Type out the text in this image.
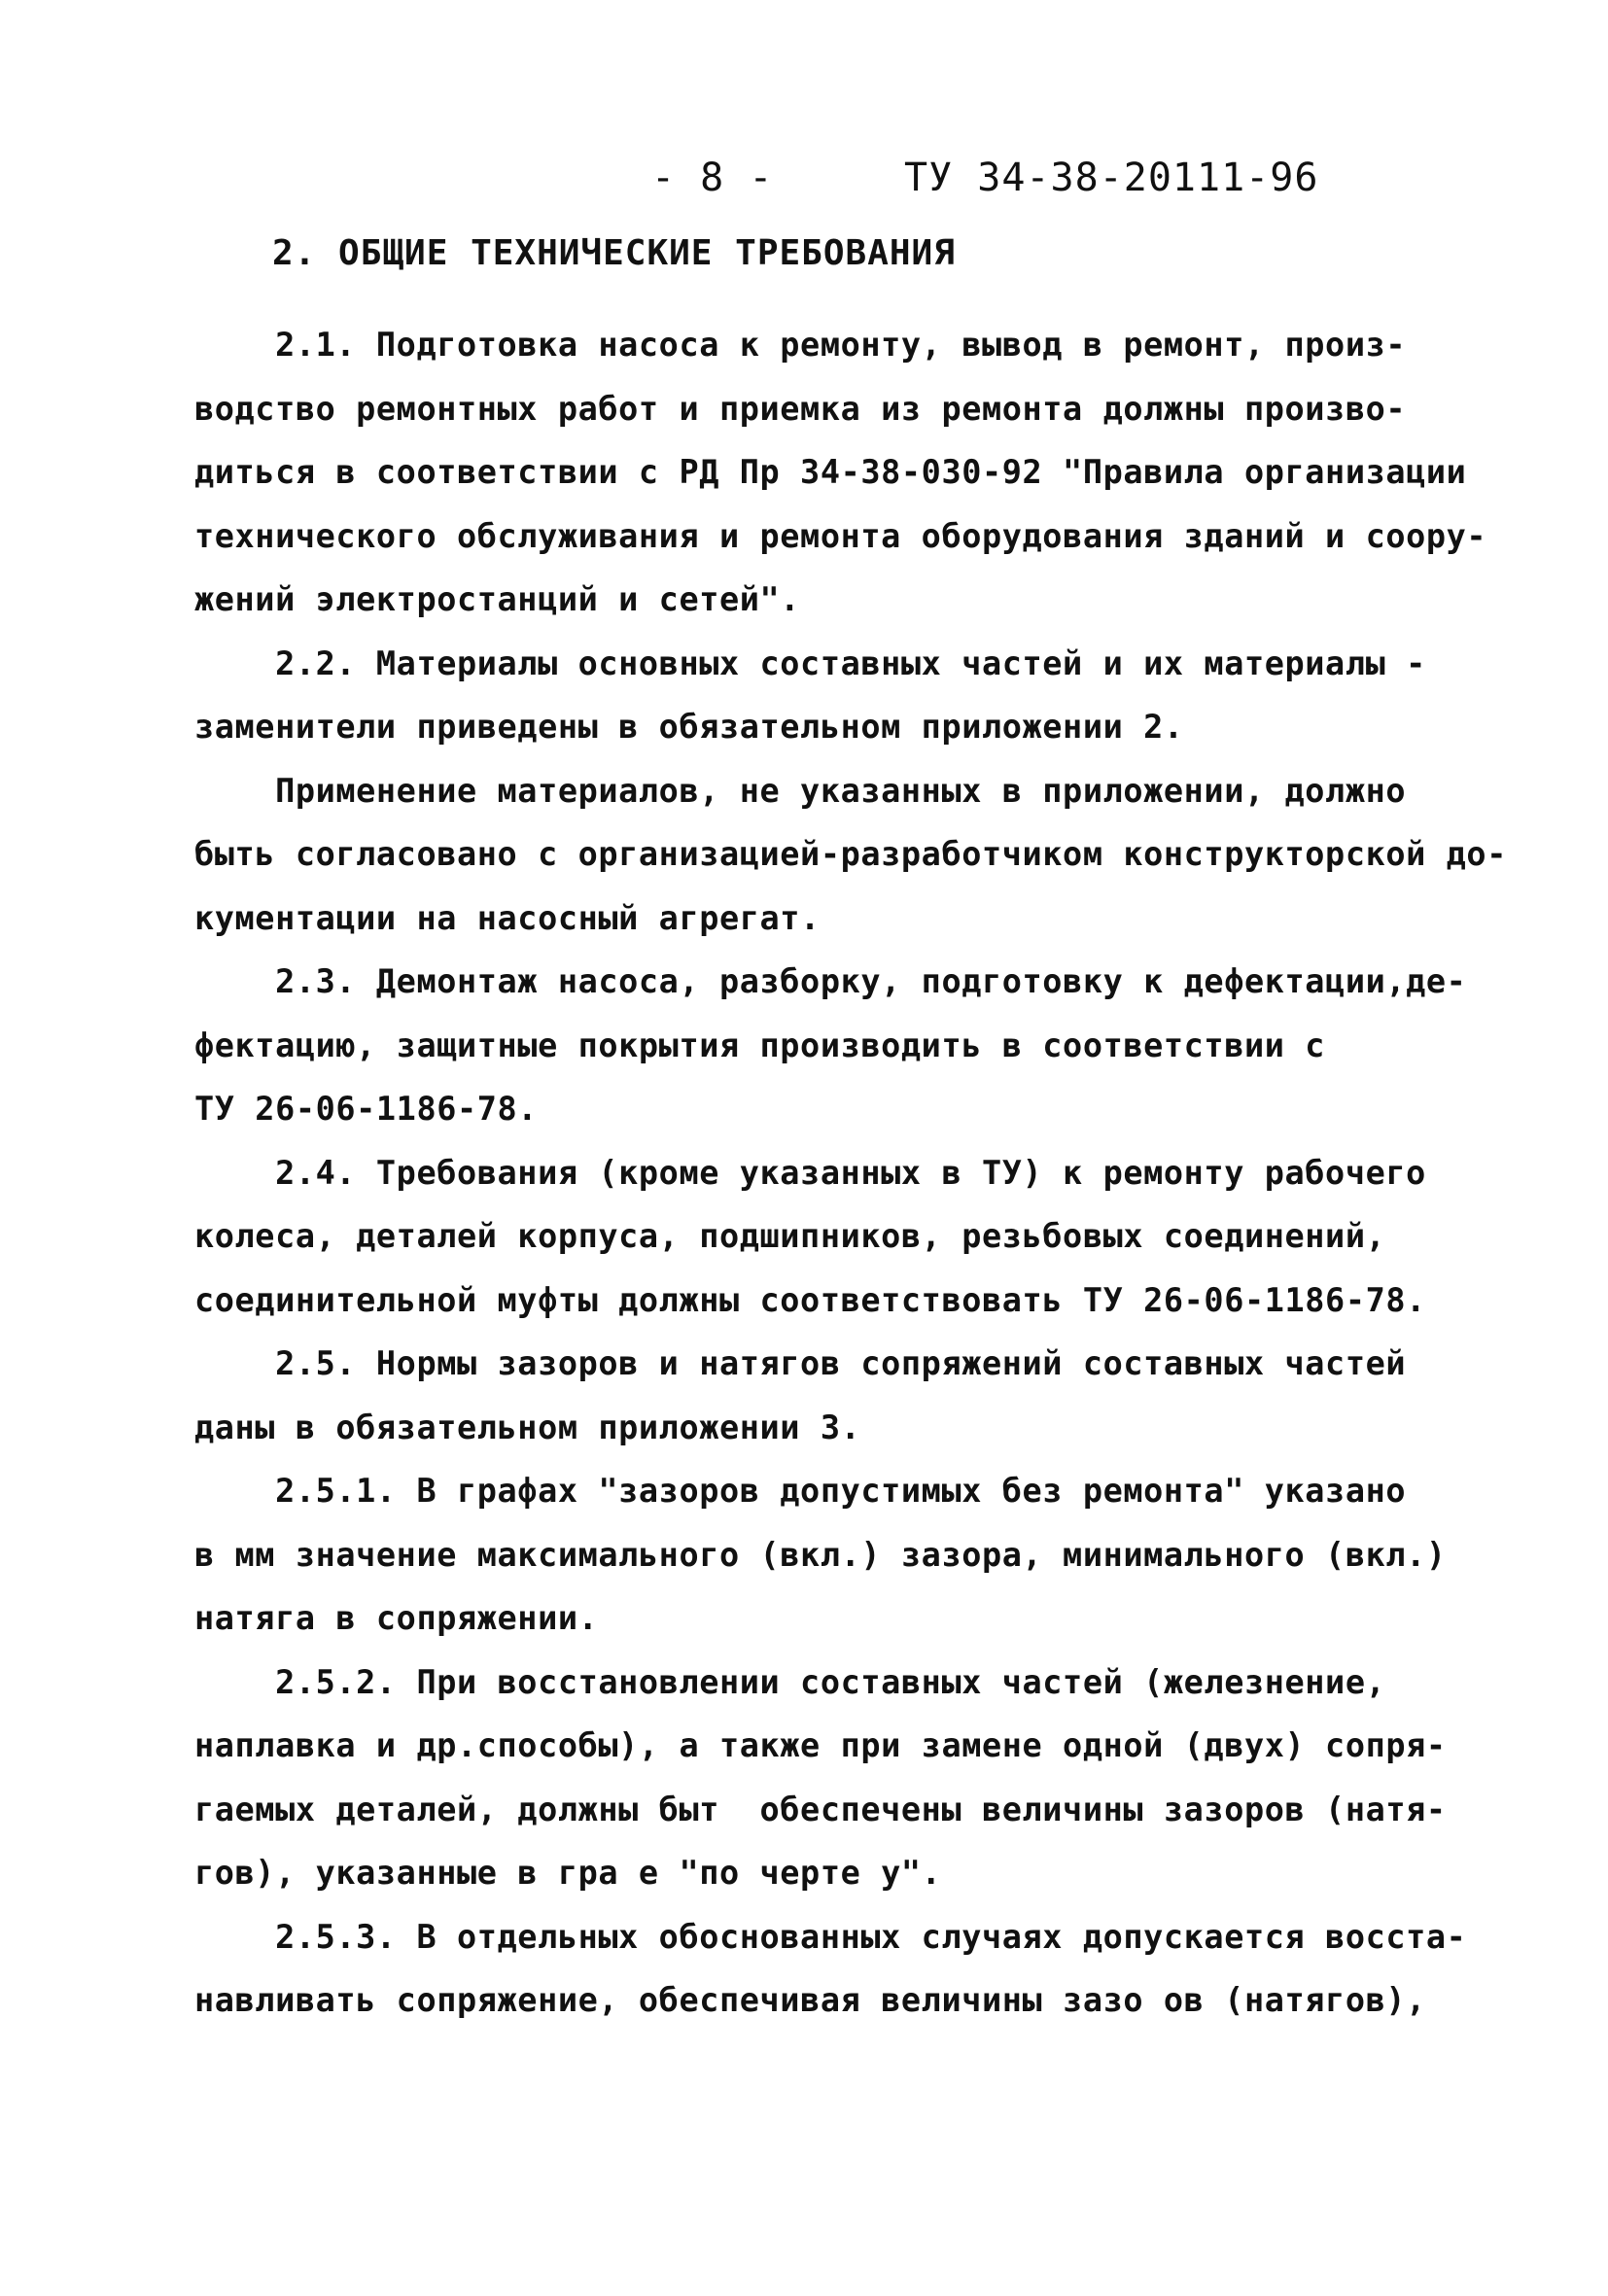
- 8 -	ТУ 34-38-20111-96
2. ОБЩИЕ ТЕХНИЧЕСКИЕ ТРЕБОВАНИЯ
2.1. Подготовка насоса к ремонту, вывод в ремонт, произ-
водство ремонтных работ и приемка из ремонта должны произво-
диться в соответствии с РД Пр 34-38-030-92 "Правила организации
технического обслуживания и ремонта оборудования зданий и соору-
жений электростанций и сетей".
2.2. Материалы основных составных частей и их материалы -
заменители приведены в обязательном приложении 2.
Применение материалов, не указанных в приложении, должно
быть согласовано с организацией-разработчиком конструкторской до-
кументации на насосный агрегат.
2.3. Демонтаж насоса, разборку, подготовку к дефектации,де-
фектацию, защитные покрытия производить в соответствии с
ТУ 26-06-1186-78.
2.4. Требования (кроме указанных в ТУ) к ремонту рабочего
колеса, деталей корпуса, подшипников, резьбовых соединений,
соединительной муфты должны соответствовать ТУ 26-06-1186-78.
2.5. Нормы зазоров и натягов сопряжений составных частей
даны в обязательном приложении 3.
2.5.1. В графах "зазоров допустимых без ремонта" указано
в мм значение максимального (вкл.) зазора, минимального (вкл.)
натяга в сопряжении.
2.5.2. При восстановлении составных частей (железнение,
наплавка и др.способы), а также при замене одной (двух) сопря-
гаемых деталей, должны быт  обеспечены величины зазоров (натя-
гов), указанные в гра е "по черте у".
2.5.3. В отдельных обоснованных случаях допускается восста-
навливать сопряжение, обеспечивая величины зазо ов (натягов),
